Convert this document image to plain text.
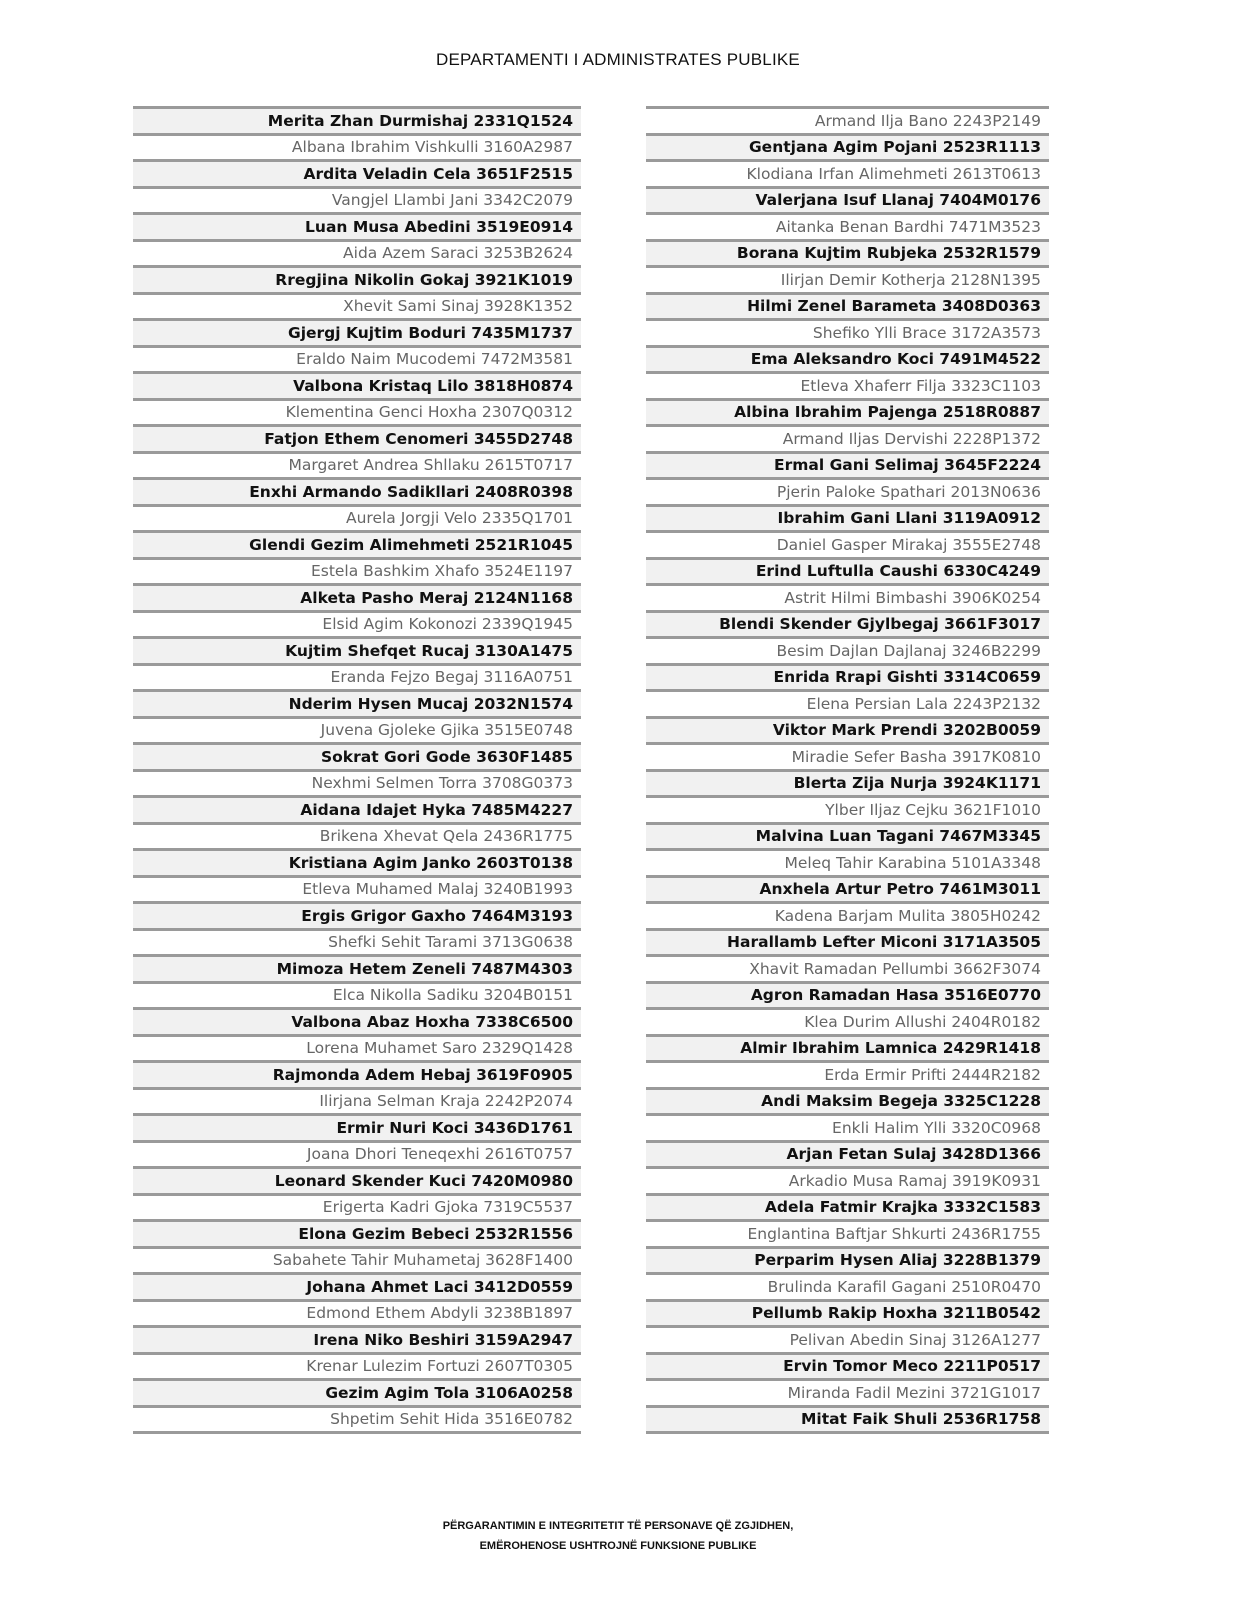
DEPARTAMENTI I ADMINISTRATES PUBLIKE
Merita Zhan Durmishaj 2331Q1524
Albana Ibrahim Vishkulli 3160A2987
Ardita Veladin Cela 3651F2515
Vangjel Llambi Jani 3342C2079
Luan Musa Abedini 3519E0914
Aida Azem Saraci 3253B2624
Rregjina Nikolin Gokaj 3921K1019
Xhevit Sami Sinaj 3928K1352
Gjergj Kujtim Boduri 7435M1737
Eraldo Naim Mucodemi 7472M3581
Valbona Kristaq Lilo 3818H0874
Klementina Genci Hoxha 2307Q0312
Fatjon Ethem Cenomeri 3455D2748
Margaret Andrea Shllaku 2615T0717
Enxhi Armando Sadikllari 2408R0398
Aurela Jorgji Velo 2335Q1701
Glendi Gezim Alimehmeti 2521R1045
Estela Bashkim Xhafo 3524E1197
Alketa Pasho Meraj 2124N1168
Elsid Agim Kokonozi 2339Q1945
Kujtim Shefqet Rucaj 3130A1475
Eranda Fejzo Begaj 3116A0751
Nderim Hysen Mucaj 2032N1574
Juvena Gjoleke Gjika 3515E0748
Sokrat Gori Gode 3630F1485
Nexhmi Selmen Torra 3708G0373
Aidana Idajet Hyka 7485M4227
Brikena Xhevat Qela 2436R1775
Kristiana Agim Janko 2603T0138
Etleva Muhamed Malaj 3240B1993
Ergis Grigor Gaxho 7464M3193
Shefki Sehit Tarami 3713G0638
Mimoza Hetem Zeneli 7487M4303
Elca Nikolla Sadiku 3204B0151
Valbona Abaz Hoxha 7338C6500
Lorena Muhamet Saro 2329Q1428
Rajmonda Adem Hebaj 3619F0905
Ilirjana Selman Kraja 2242P2074
Ermir Nuri Koci 3436D1761
Joana Dhori Teneqexhi 2616T0757
Leonard Skender Kuci 7420M0980
Erigerta Kadri Gjoka 7319C5537
Elona Gezim Bebeci 2532R1556
Sabahete Tahir Muhametaj 3628F1400
Johana Ahmet Laci 3412D0559
Edmond Ethem Abdyli 3238B1897
Irena Niko Beshiri 3159A2947
Krenar Lulezim Fortuzi 2607T0305
Gezim Agim Tola 3106A0258
Shpetim Sehit Hida 3516E0782
Armand Ilja Bano 2243P2149
Gentjana Agim Pojani 2523R1113
Klodiana Irfan Alimehmeti 2613T0613
Valerjana Isuf Llanaj 7404M0176
Aitanka Benan Bardhi 7471M3523
Borana Kujtim Rubjeka 2532R1579
Ilirjan Demir Kotherja 2128N1395
Hilmi Zenel Barameta 3408D0363
Shefiko Ylli Brace 3172A3573
Ema Aleksandro Koci 7491M4522
Etleva Xhaferr Filja 3323C1103
Albina Ibrahim Pajenga 2518R0887
Armand Iljas Dervishi 2228P1372
Ermal Gani Selimaj 3645F2224
Pjerin Paloke Spathari 2013N0636
Ibrahim Gani Llani 3119A0912
Daniel Gasper Mirakaj 3555E2748
Erind Luftulla Caushi 6330C4249
Astrit Hilmi Bimbashi 3906K0254
Blendi Skender Gjylbegaj 3661F3017
Besim Dajlan Dajlanaj 3246B2299
Enrida Rrapi Gishti 3314C0659
Elena Persian Lala 2243P2132
Viktor Mark Prendi 3202B0059
Miradie Sefer Basha 3917K0810
Blerta Zija Nurja 3924K1171
Ylber Iljaz Cejku 3621F1010
Malvina Luan Tagani 7467M3345
Meleq Tahir Karabina 5101A3348
Anxhela Artur Petro 7461M3011
Kadena Barjam Mulita 3805H0242
Harallamb Lefter Miconi 3171A3505
Xhavit Ramadan Pellumbi 3662F3074
Agron Ramadan Hasa 3516E0770
Klea Durim Allushi 2404R0182
Almir Ibrahim Lamnica 2429R1418
Erda Ermir Prifti 2444R2182
Andi Maksim Begeja 3325C1228
Enkli Halim Ylli 3320C0968
Arjan Fetan Sulaj 3428D1366
Arkadio Musa Ramaj 3919K0931
Adela Fatmir Krajka 3332C1583
Englantina Baftjar Shkurti 2436R1755
Perparim Hysen Aliaj 3228B1379
Brulinda Karafil Gagani 2510R0470
Pellumb Rakip Hoxha 3211B0542
Pelivan Abedin Sinaj 3126A1277
Ervin Tomor Meco 2211P0517
Miranda Fadil Mezini 3721G1017
Mitat Faik Shuli 2536R1758
PËRGARANTIMIN E INTEGRITETIT TË PERSONAVE QË ZGJIDHEN,
EMËROHENOSE USHTROJNË FUNKSIONE PUBLIKE
